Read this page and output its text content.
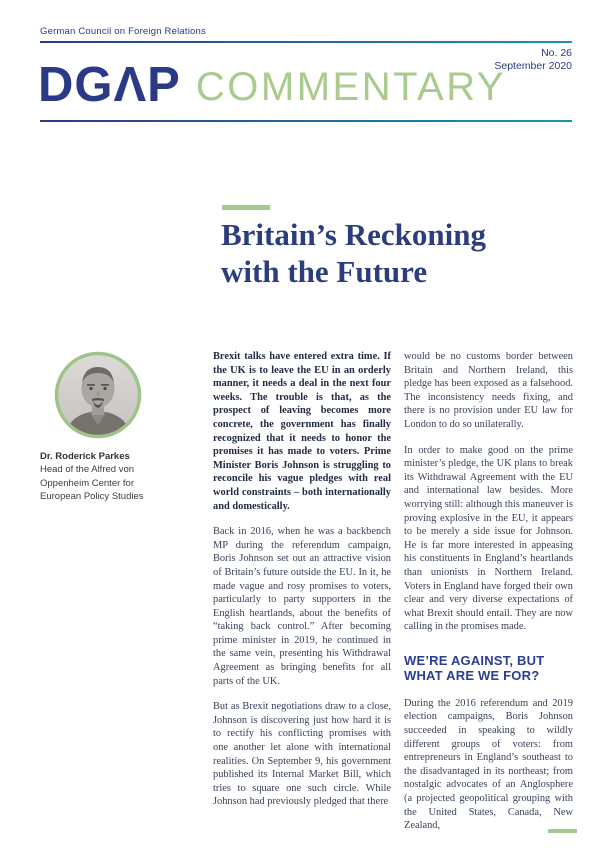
German Council on Foreign Relations
No. 26
September 2020
DGΛP COMMENTARY
Britain’s Reckoning
with the Future
Dr. Roderick Parkes
Head of the Alfred von Oppenheim Center for European Policy Studies

Brexit talks have entered extra time. If the UK is to leave the EU in an orderly manner, it needs a deal in the next four weeks. The trouble is that, as the prospect of leaving becomes more concrete, the government has finally recognized that it needs to honor the promises it has made to voters. Prime Minister Boris Johnson is struggling to reconcile his vague pledges with real world constraints – both internationally and domestically.

Back in 2016, when he was a backbench MP during the referendum campaign, Boris Johnson set out an attractive vision of Britain’s future outside the EU. In it, he made vague and rosy promises to voters, particularly to party supporters in the English heartlands, about the benefits of “taking back control.” After becoming prime minister in 2019, he continued in the same vein, presenting his Withdrawal Agreement as bringing benefits for all parts of the UK.

But as Brexit negotiations draw to a close, Johnson is discovering just how hard it is to rectify his conflicting promises with one another let alone with international realities. On September 9, his government published its Internal Market Bill, which tries to square one such circle. While Johnson had previously pledged that there

would be no customs border between Britain and Northern Ireland, this pledge has been exposed as a falsehood. The inconsistency needs fixing, and there is no provision under EU law for London to do so unilaterally.

In order to make good on the prime minister’s pledge, the UK plans to break its Withdrawal Agreement with the EU and international law besides. More worrying still: although this maneuver is proving explosive in the EU, it appears to be merely a side issue for Johnson. He is far more interested in appeasing his constituents in England’s heartlands than unionists in Northern Ireland. Voters in England have forged their own clear and very diverse expectations of what Brexit should entail. They are now calling in the promises made.

WE’RE AGAINST, BUT WHAT ARE WE FOR?

During the 2016 referendum and 2019 election campaigns, Boris Johnson succeeded in speaking to wildly different groups of voters: from entrepreneurs in England’s southeast to the disadvantaged in its northeast; from nostalgic advocates of an Anglosphere (a projected geopolitical grouping with the United States, Canada, New Zealand,
